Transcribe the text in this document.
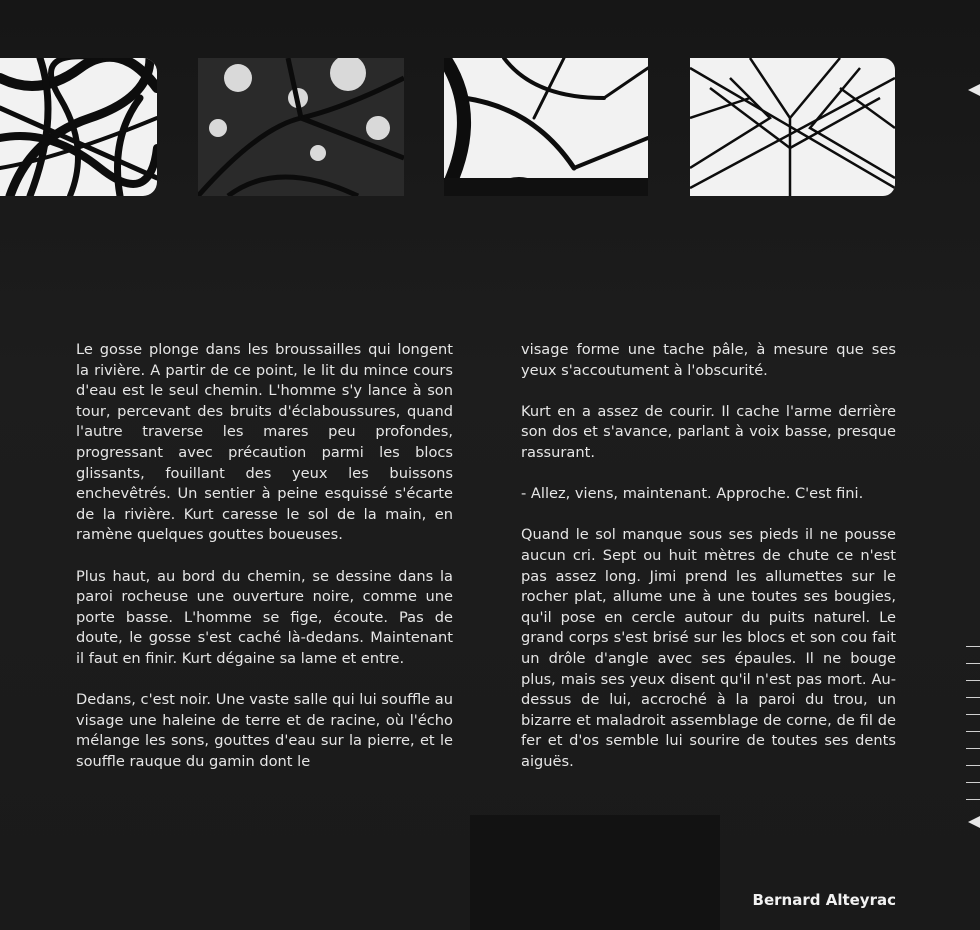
Le gosse plonge dans les broussailles qui longent la rivière. A partir de ce point, le lit du mince cours d'eau est le seul chemin. L'homme s'y lance à son tour, percevant des bruits d'éclaboussures, quand l'autre traverse les mares peu profondes, progressant avec précaution parmi les blocs glissants, fouillant des yeux les buissons enchevêtrés. Un sentier à peine esquissé s'écarte de la rivière. Kurt caresse le sol de la main, en ramène quelques gouttes boueuses.

Plus haut, au bord du chemin, se dessine dans la paroi rocheuse une ouverture noire, comme une porte basse. L'homme se fige, écoute. Pas de doute, le gosse s'est caché là-dedans. Maintenant il faut en finir. Kurt dégaine sa lame et entre.

Dedans, c'est noir. Une vaste salle qui lui souffle au visage une haleine de terre et de racine, où l'écho mélange les sons, gouttes d'eau sur la pierre, et le souffle rauque du gamin dont le

visage forme une tache pâle, à mesure que ses yeux s'accoutument à l'obscurité.

Kurt en a assez de courir. Il cache l'arme derrière son dos et s'avance, parlant à voix basse, presque rassurant.

- Allez, viens, maintenant. Approche. C'est fini.

Quand le sol manque sous ses pieds il ne pousse aucun cri. Sept ou huit mètres de chute ce n'est pas assez long. Jimi prend les allumettes sur le rocher plat, allume une à une toutes ses bougies, qu'il pose en cercle autour du puits naturel. Le grand corps s'est brisé sur les blocs et son cou fait un drôle d'angle avec ses épaules. Il ne bouge plus, mais ses yeux disent qu'il n'est pas mort. Au-dessus de lui, accroché à la paroi du trou, un bizarre et maladroit assemblage de corne, de fil de fer et d'os semble lui sourire de toutes ses dents aiguës.

Bernard Alteyrac
